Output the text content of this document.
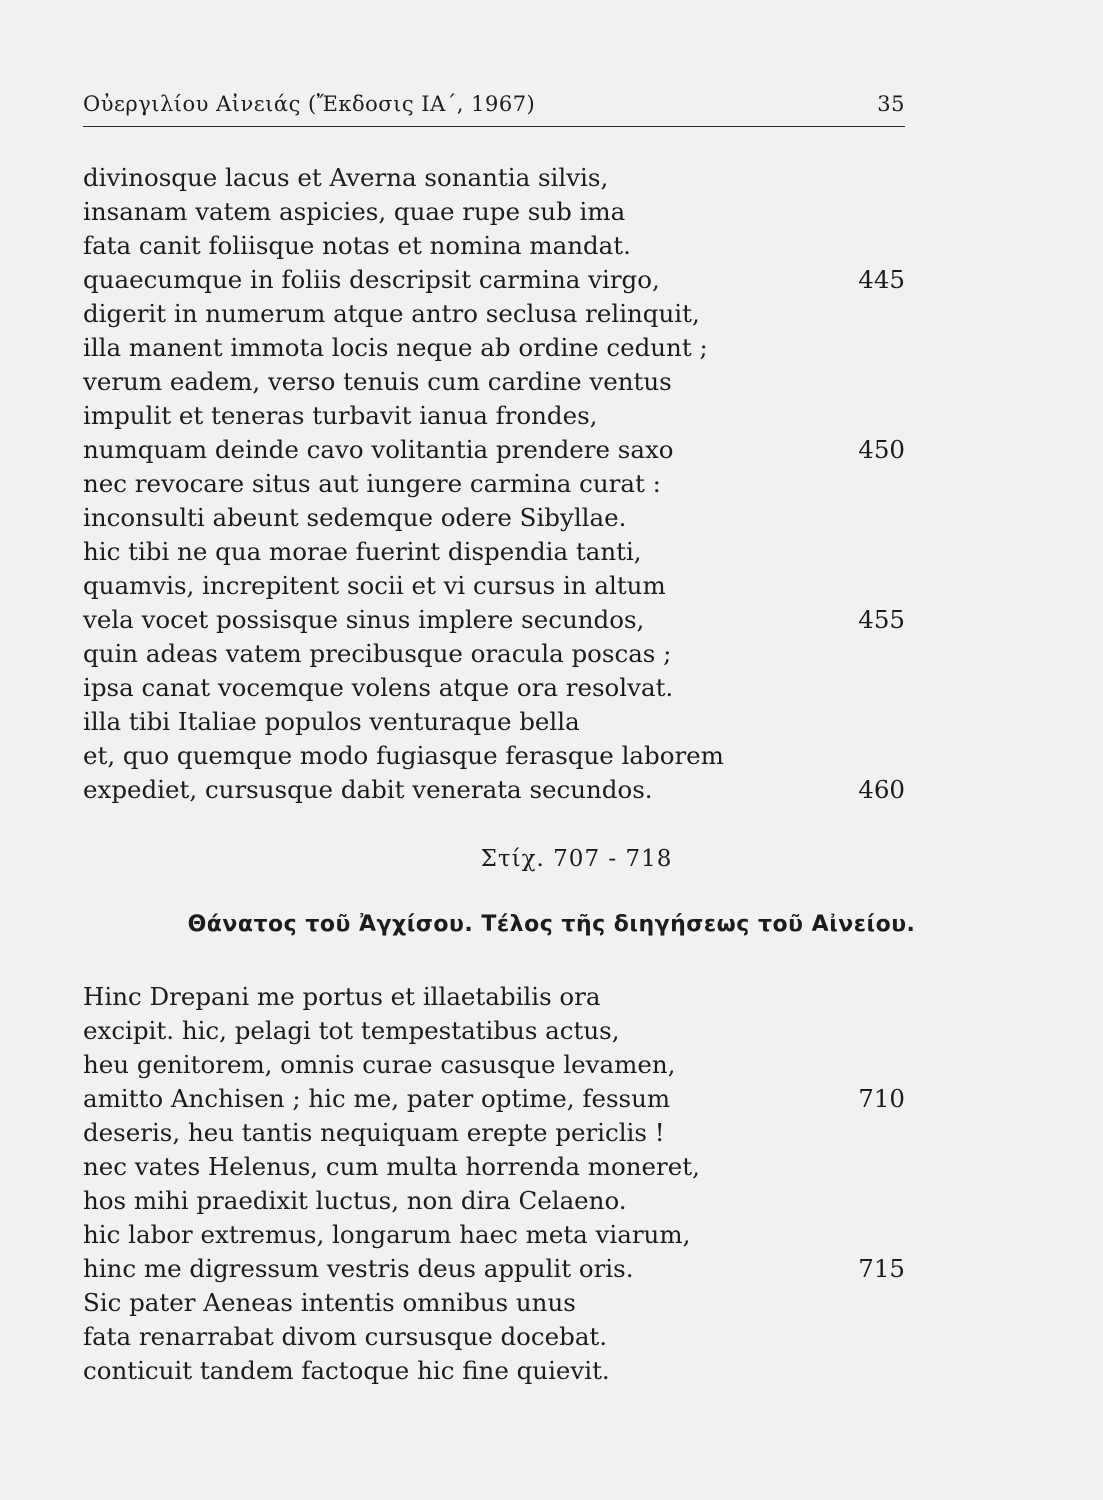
Οὐεργιλίου Αἰνειάς (Ἔκδοσις ΙΑ΄, 1967)	35
divinosque lacus et Averna sonantia silvis,
insanam vatem aspicies, quae rupe sub ima
fata canit foliisque notas et nomina mandat.
quaecumque in foliis descripsit carmina virgo,	445
digerit in numerum atque antro seclusa relinquit,
illa manent immota locis neque ab ordine cedunt ;
verum eadem, verso tenuis cum cardine ventus
impulit et teneras turbavit ianua frondes,
numquam deinde cavo volitantia prendere saxo	450
nec revocare situs aut iungere carmina curat :
inconsulti abeunt sedemque odere Sibyllae.
hic tibi ne qua morae fuerint dispendia tanti,
quamvis, increpitent socii et vi cursus in altum
vela vocet possisque sinus implere secundos,	455
quin adeas vatem precibusque oracula poscas ;
ipsa canat vocemque volens atque ora resolvat.
illa tibi Italiae populos venturaque bella
et, quo quemque modo fugiasque ferasque laborem
expediet, cursusque dabit venerata secundos.	460
Στίχ. 707 - 718
Θάνατος τοῦ Ἀγχίσου. Τέλος τῆς διηγήσεως τοῦ Αἰνείου.
Hinc Drepani me portus et illaetabilis ora
excipit. hic, pelagi tot tempestatibus actus,
heu genitorem, omnis curae casusque levamen,
amitto Anchisen ; hic me, pater optime, fessum	710
deseris, heu tantis nequiquam erepte periclis !
nec vates Helenus, cum multa horrenda moneret,
hos mihi praedixit luctus, non dira Celaeno.
hic labor extremus, longarum haec meta viarum,
hinc me digressum vestris deus appulit oris.	715
Sic pater Aeneas intentis omnibus unus
fata renarrabat divom cursusque docebat.
conticuit tandem factoque hic fine quievit.
